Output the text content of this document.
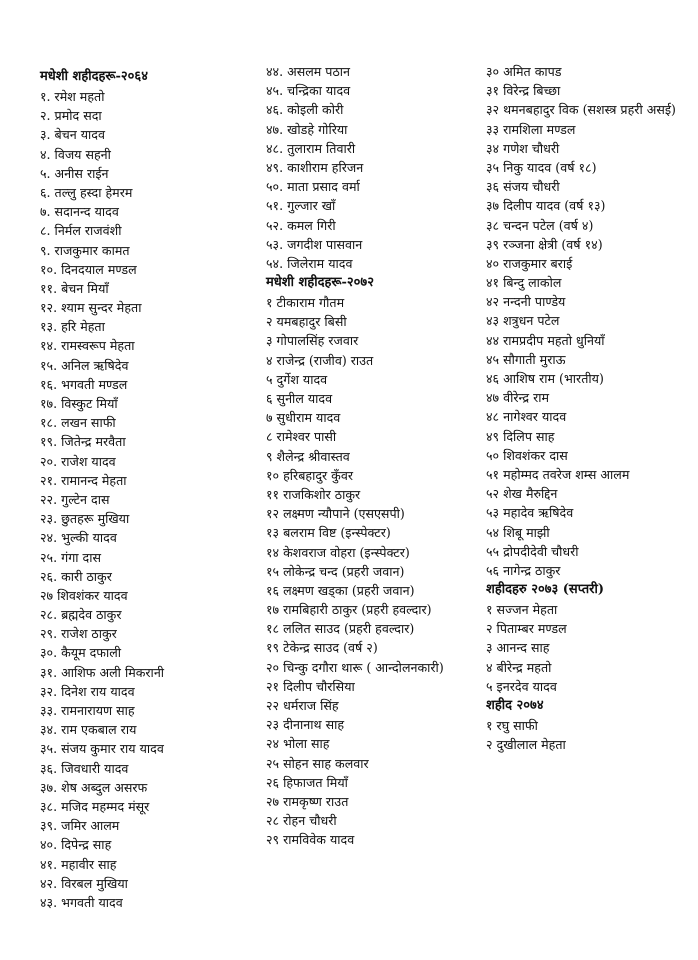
मधेशी शहीदहरू-२०६४
१. रमेश महतो
२. प्रमोद सदा
३. बेचन यादव
४. विजय सहनी
५. अनीस राईन
६. तल्लु हस्दा हेमरम
७. सदानन्द यादव
८. निर्मल राजवंशी
९. राजकुमार कामत
१०. दिनदयाल मण्डल
११. बेचन मियाँ
१२. श्याम सुन्दर मेहता
१३. हरि मेहता
१४. रामस्वरूप मेहता
१५. अनिल ऋषिदेव
१६. भगवती मण्डल
१७. विस्कुट मियाँ
१८. लखन साफी
१९. जितेन्द्र मरवैता
२०. राजेश यादव
२१. रामानन्द मेहता
२२. गुल्टेन दास
२३. छुतहरू मुखिया
२४. भुल्की यादव
२५. गंगा दास
२६. कारी ठाकुर
२७ शिवशंकर यादव
२८. ब्रह्मदेव ठाकुर
२९. राजेश ठाकुर
३०. कैयूम दफाली
३१. आशिफ अली मिकरानी
३२. दिनेश राय यादव
३३. रामनारायण साह
३४. राम एकबाल राय
३५. संजय कुमार राय यादव
३६. जिवधारी यादव
३७. शेष अब्दुल असरफ
३८. मजिद महम्मद मंसूर
३९. जमिर आलम
४०. दिपेन्द्र साह
४१. महावीर साह
४२. विरबल मुखिया
४३. भगवती यादव
४४. असलम पठान
४५. चन्द्रिका यादव
४६. कोइली कोरी
४७. खोडहे गोरिया
४८. तुलाराम तिवारी
४९. काशीराम हरिजन
५०. माता प्रसाद वर्मा
५१. गुल्जार खाँ
५२. कमल गिरी
५३. जगदीश पासवान
५४. जिलेराम यादव
मधेशी शहीदहरू-२०७२
१ टीकाराम गौतम
२ यमबहादुर बिसी
३ गोपालसिंह रजवार
४ राजेन्द्र (राजीव) राउत
५ दुर्गेश यादव
६ सुनील यादव
७ सुधीराम यादव
८ रामेश्वर पासी
९ शैलेन्द्र श्रीवास्तव
१० हरिबहादुर कुँवर
११ राजकिशोर ठाकुर
१२ लक्ष्मण न्यौपाने (एसएसपी)
१३ बलराम विष्ट (इन्स्पेक्टर)
१४ केशवराज वोहरा (इन्स्पेक्टर)
१५ लोकेन्द्र चन्द (प्रहरी जवान)
१६ लक्ष्मण खड्का (प्रहरी जवान)
१७ रामबिहारी ठाकुर (प्रहरी हवल्दार)
१८ ललित साउद (प्रहरी हवल्दार)
१९ टेकेन्द्र साउद (वर्ष २)
२० चिन्कु दगौरा थारू ( आन्दोलनकारी)
२१ दिलीप चौरसिया
२२ धर्मराज सिंह
२३ दीनानाथ साह
२४ भोला साह
२५ सोहन साह कलवार
२६ हिफाजत मियाँ
२७ रामकृष्ण राउत
२८ रोहन चौधरी
२९ रामविवेक यादव
३० अमित कापड
३१ विरेन्द्र बिच्छा
३२ थमनबहादुर विक (सशस्त्र प्रहरी असई)
३३ रामशिला मण्डल
३४ गणेश चौधरी
३५ निकु यादव (वर्ष १८)
३६ संजय चौधरी
३७ दिलीप यादव (वर्ष १३)
३८ चन्दन पटेल (वर्ष ४)
३९ रञ्जना क्षेत्री (वर्ष १४)
४० राजकुमार बराई
४१ बिन्दु लाकोल
४२ नन्दनी पाण्डेय
४३ शत्रुधन पटेल
४४ रामप्रदीप महतो धुनियाँ
४५ सौगाती मुराऊ
४६ आशिष राम (भारतीय)
४७ वीरेन्द्र राम
४८ नागेश्वर यादव
४९ दिलिप साह
५० शिवशंकर दास
५१ महोम्मद तवरेज शम्स आलम
५२ शेख मैरुद्दिन
५३ महादेव ऋषिदेव
५४ शिबू माझी
५५ द्रोपदीदेवी चौधरी
५६ नागेन्द्र ठाकुर
शहीदहरु २०७३ (सप्तरी)
१ सज्जन मेहता
२ पिताम्बर मण्डल
३ आनन्द साह
४ बीरेन्द्र महतो
५ इनरदेव यादव
शहीद २०७४
१ रघु साफी
२ दुखीलाल मेहता
